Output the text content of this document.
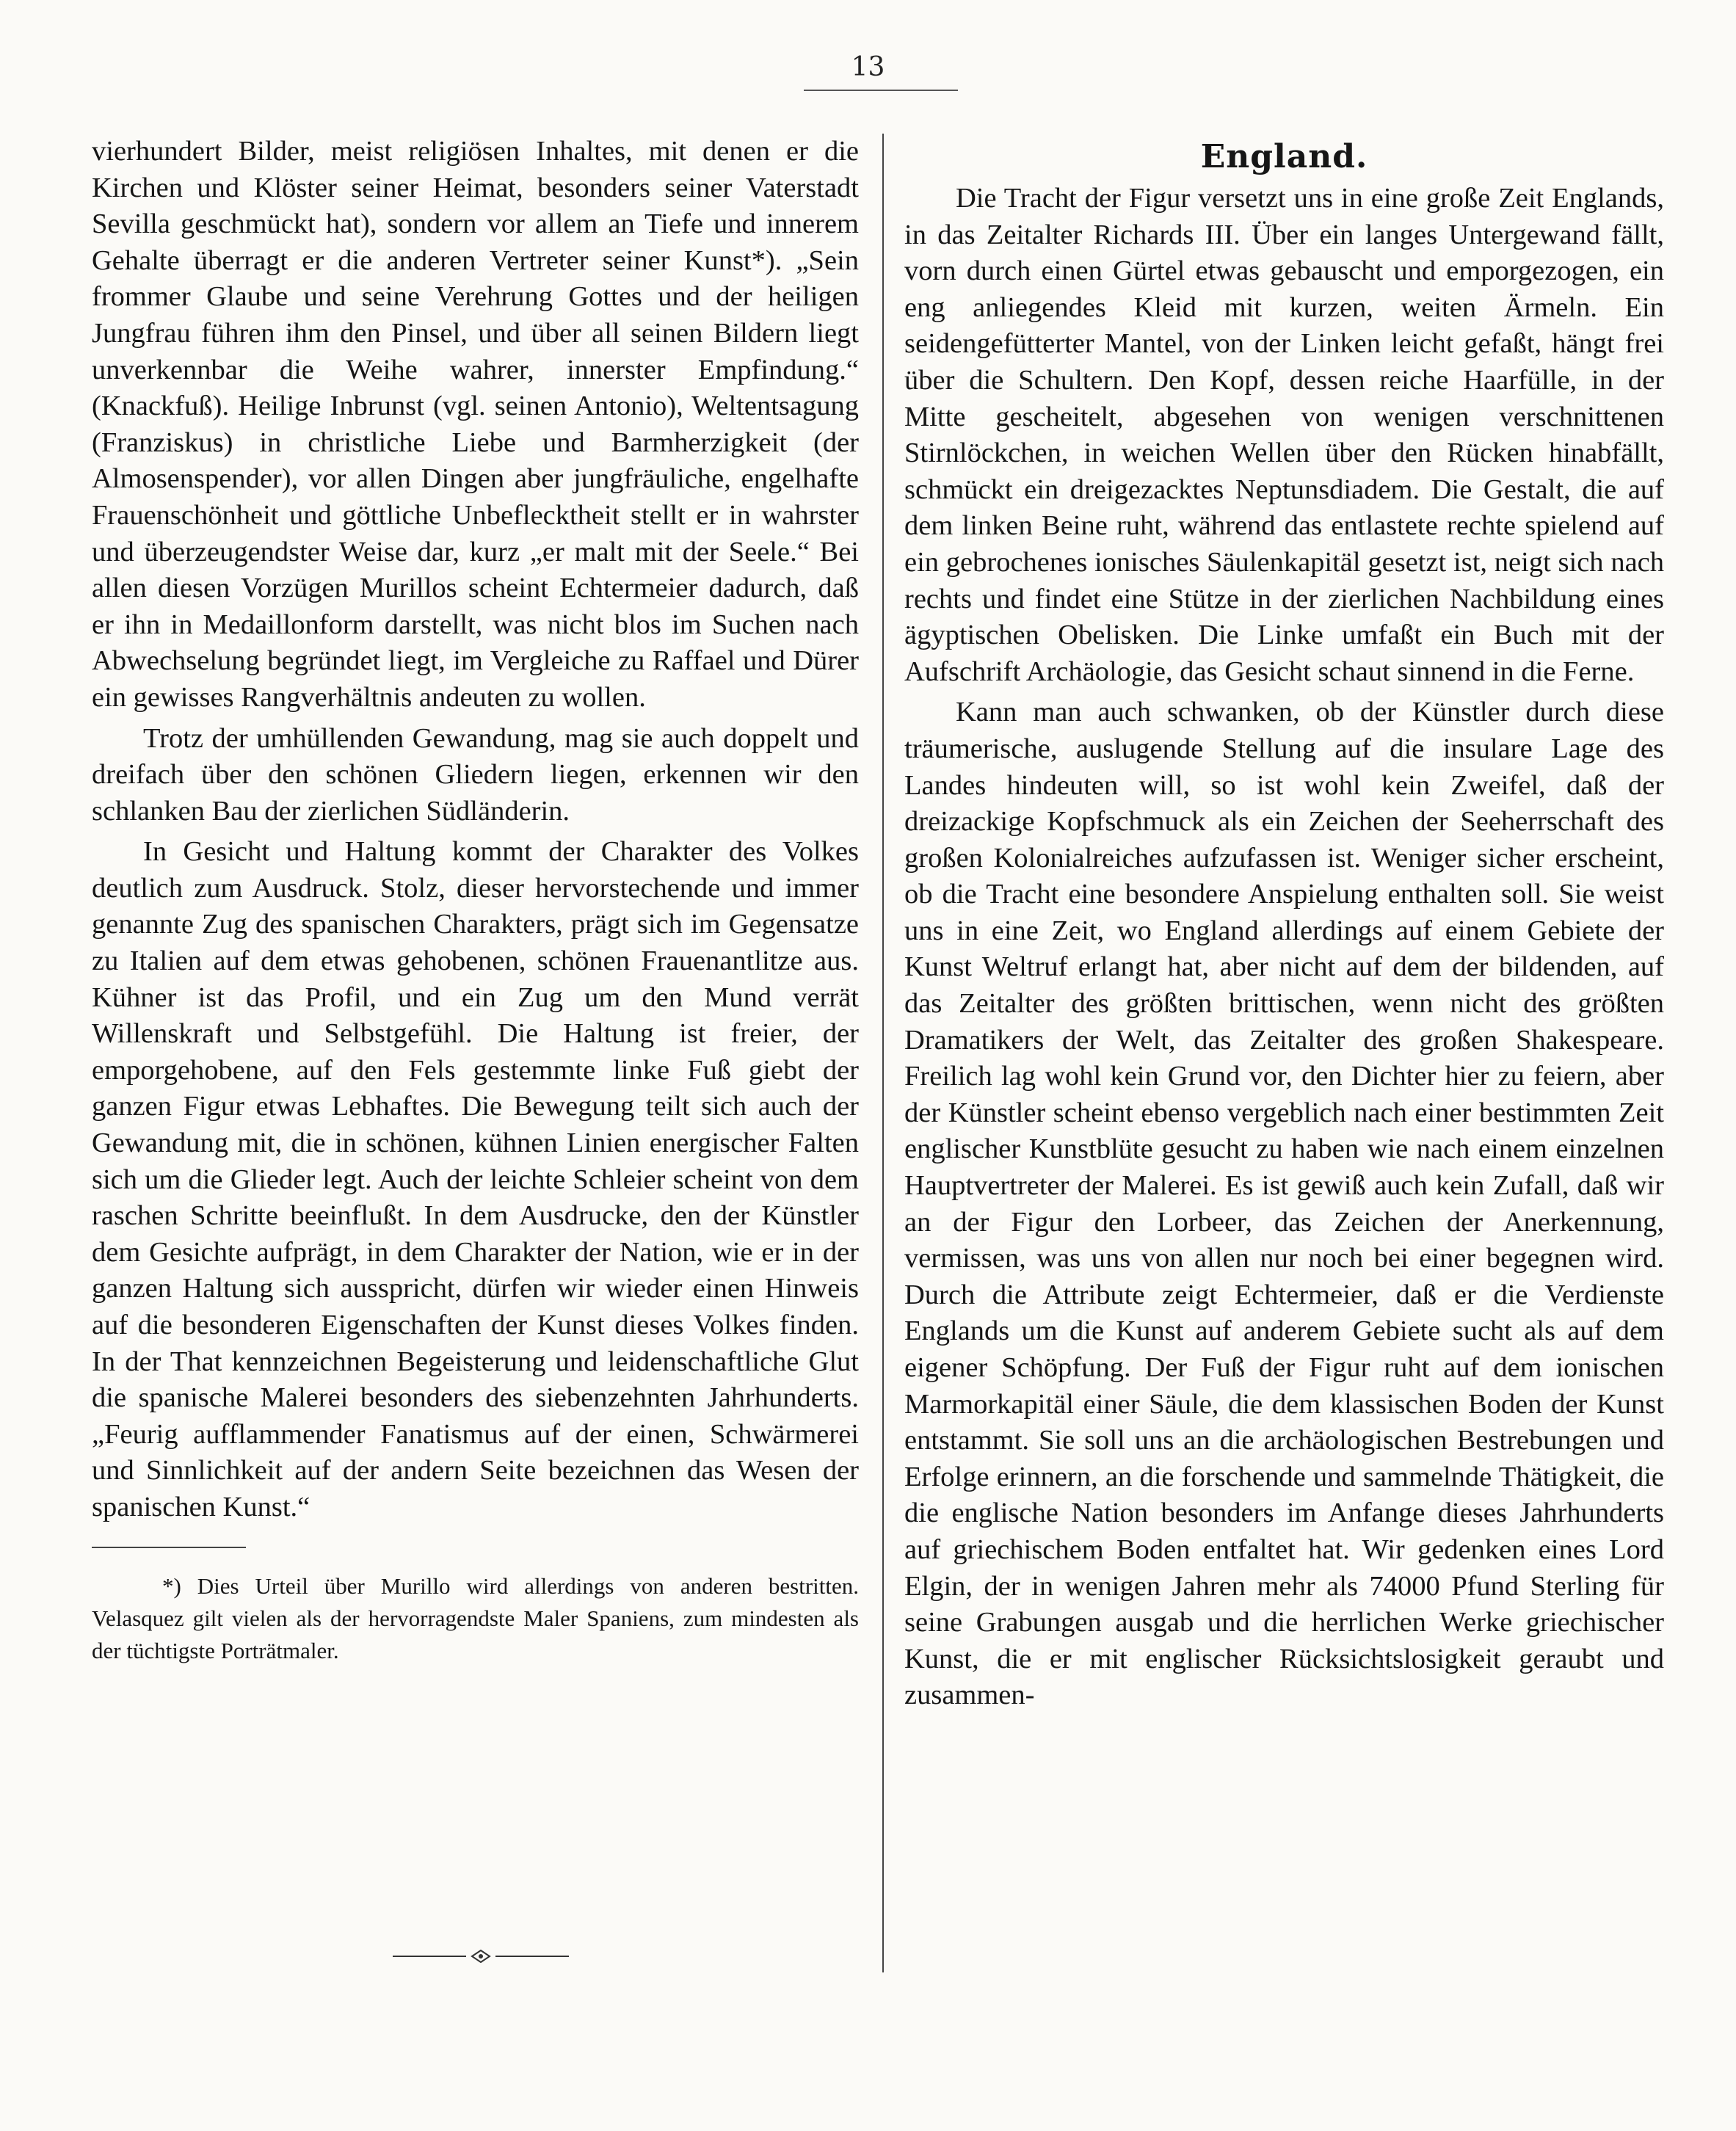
13

vierhundert Bilder, meist religiösen Inhaltes, mit denen er die Kirchen und Klöster seiner Heimat, besonders seiner Vaterstadt Sevilla geschmückt hat), sondern vor allem an Tiefe und innerem Gehalte überragt er die anderen Vertreter seiner Kunst*). „Sein frommer Glaube und seine Verehrung Gottes und der heiligen Jungfrau führen ihm den Pinsel, und über all seinen Bildern liegt unverkennbar die Weihe wahrer, innerster Empfindung.“ (Knackfuß). Heilige Inbrunst (vgl. seinen Antonio), Weltentsagung (Franziskus) in christliche Liebe und Barmherzigkeit (der Almosenspender), vor allen Dingen aber jungfräuliche, engelhafte Frauenschönheit und göttliche Unbeflecktheit stellt er in wahrster und überzeugendster Weise dar, kurz „er malt mit der Seele.“ Bei allen diesen Vorzügen Murillos scheint Echtermeier dadurch, daß er ihn in Medaillonform darstellt, was nicht blos im Suchen nach Abwechselung begründet liegt, im Vergleiche zu Raffael und Dürer ein gewisses Rangverhältnis andeuten zu wollen.

Trotz der umhüllenden Gewandung, mag sie auch doppelt und dreifach über den schönen Gliedern liegen, erkennen wir den schlanken Bau der zierlichen Südländerin.

In Gesicht und Haltung kommt der Charakter des Volkes deutlich zum Ausdruck. Stolz, dieser hervorstechende und immer genannte Zug des spanischen Charakters, prägt sich im Gegensatze zu Italien auf dem etwas gehobenen, schönen Frauenantlitze aus. Kühner ist das Profil, und ein Zug um den Mund verrät Willenskraft und Selbstgefühl. Die Haltung ist freier, der emporgehobene, auf den Fels gestemmte linke Fuß giebt der ganzen Figur etwas Lebhaftes. Die Bewegung teilt sich auch der Gewandung mit, die in schönen, kühnen Linien energischer Falten sich um die Glieder legt. Auch der leichte Schleier scheint von dem raschen Schritte beeinflußt. In dem Ausdrucke, den der Künstler dem Gesichte aufprägt, in dem Charakter der Nation, wie er in der ganzen Haltung sich ausspricht, dürfen wir wieder einen Hinweis auf die besonderen Eigenschaften der Kunst dieses Volkes finden. In der That kennzeichnen Begeisterung und leidenschaftliche Glut die spanische Malerei besonders des siebenzehnten Jahrhunderts. „Feurig aufflammender Fanatismus auf der einen, Schwärmerei und Sinnlichkeit auf der andern Seite bezeichnen das Wesen der spanischen Kunst.“

*) Dies Urteil über Murillo wird allerdings von anderen bestritten. Velasquez gilt vielen als der hervorragendste Maler Spaniens, zum mindesten als der tüchtigste Porträtmaler.

England.

Die Tracht der Figur versetzt uns in eine große Zeit Englands, in das Zeitalter Richards III. Über ein langes Untergewand fällt, vorn durch einen Gürtel etwas gebauscht und emporgezogen, ein eng anliegendes Kleid mit kurzen, weiten Ärmeln. Ein seidengefütterter Mantel, von der Linken leicht gefaßt, hängt frei über die Schultern. Den Kopf, dessen reiche Haarfülle, in der Mitte gescheitelt, abgesehen von wenigen verschnittenen Stirnlöckchen, in weichen Wellen über den Rücken hinabfällt, schmückt ein dreigezacktes Neptunsdiadem. Die Gestalt, die auf dem linken Beine ruht, während das entlastete rechte spielend auf ein gebrochenes ionisches Säulenkapitäl gesetzt ist, neigt sich nach rechts und findet eine Stütze in der zierlichen Nachbildung eines ägyptischen Obelisken. Die Linke umfaßt ein Buch mit der Aufschrift Archäologie, das Gesicht schaut sinnend in die Ferne.

Kann man auch schwanken, ob der Künstler durch diese träumerische, auslugende Stellung auf die insulare Lage des Landes hindeuten will, so ist wohl kein Zweifel, daß der dreizackige Kopfschmuck als ein Zeichen der Seeherrschaft des großen Kolonialreiches aufzufassen ist. Weniger sicher erscheint, ob die Tracht eine besondere Anspielung enthalten soll. Sie weist uns in eine Zeit, wo England allerdings auf einem Gebiete der Kunst Weltruf erlangt hat, aber nicht auf dem der bildenden, auf das Zeitalter des größten brittischen, wenn nicht des größten Dramatikers der Welt, das Zeitalter des großen Shakespeare. Freilich lag wohl kein Grund vor, den Dichter hier zu feiern, aber der Künstler scheint ebenso vergeblich nach einer bestimmten Zeit englischer Kunstblüte gesucht zu haben wie nach einem einzelnen Hauptvertreter der Malerei. Es ist gewiß auch kein Zufall, daß wir an der Figur den Lorbeer, das Zeichen der Anerkennung, vermissen, was uns von allen nur noch bei einer begegnen wird. Durch die Attribute zeigt Echtermeier, daß er die Verdienste Englands um die Kunst auf anderem Gebiete sucht als auf dem eigener Schöpfung. Der Fuß der Figur ruht auf dem ionischen Marmorkapitäl einer Säule, die dem klassischen Boden der Kunst entstammt. Sie soll uns an die archäologischen Bestrebungen und Erfolge erinnern, an die forschende und sammelnde Thätigkeit, die die englische Nation besonders im Anfange dieses Jahrhunderts auf griechischem Boden entfaltet hat. Wir gedenken eines Lord Elgin, der in wenigen Jahren mehr als 74000 Pfund Sterling für seine Grabungen ausgab und die herrlichen Werke griechischer Kunst, die er mit englischer Rücksichtslosigkeit geraubt und zusammen-
